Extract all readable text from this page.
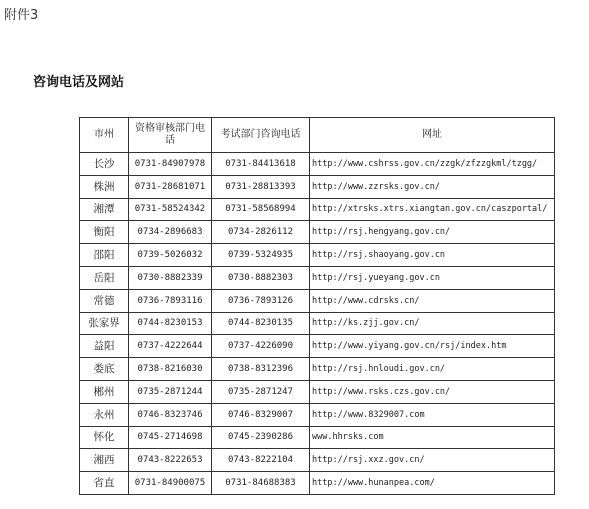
附件3
咨询电话及网站
市州	资格审核部门电话	考试部门咨询电话	网址
长沙	0731-84907978	0731-84413618	http://www.cshrss.gov.cn/zzgk/zfzzgkml/tzgg/
株洲	0731-28681071	0731-28813393	http://www.zzrsks.gov.cn/
湘潭	0731-58524342	0731-58568994	http://xtrsks.xtrs.xiangtan.gov.cn/caszportal/
衡阳	0734-2896683	0734-2826112	http://rsj.hengyang.gov.cn/
邵阳	0739-5026032	0739-5324935	http://rsj.shaoyang.gov.cn
岳阳	0730-8882339	0730-8882303	http://rsj.yueyang.gov.cn
常德	0736-7893116	0736-7893126	http://www.cdrsks.cn/
张家界	0744-8230153	0744-8230135	http://ks.zjj.gov.cn/
益阳	0737-4222644	0737-4226090	http://www.yiyang.gov.cn/rsj/index.htm
娄底	0738-8216030	0738-8312396	http://rsj.hnloudi.gov.cn/
郴州	0735-2871244	0735-2871247	http://www.rsks.czs.gov.cn/
永州	0746-8323746	0746-8329007	http://www.8329007.com
怀化	0745-2714698	0745-2390286	www.hhrsks.com
湘西	0743-8222653	0743-8222104	http://rsj.xxz.gov.cn/
省直	0731-84900075	0731-84688383	http://www.hunanpea.com/
